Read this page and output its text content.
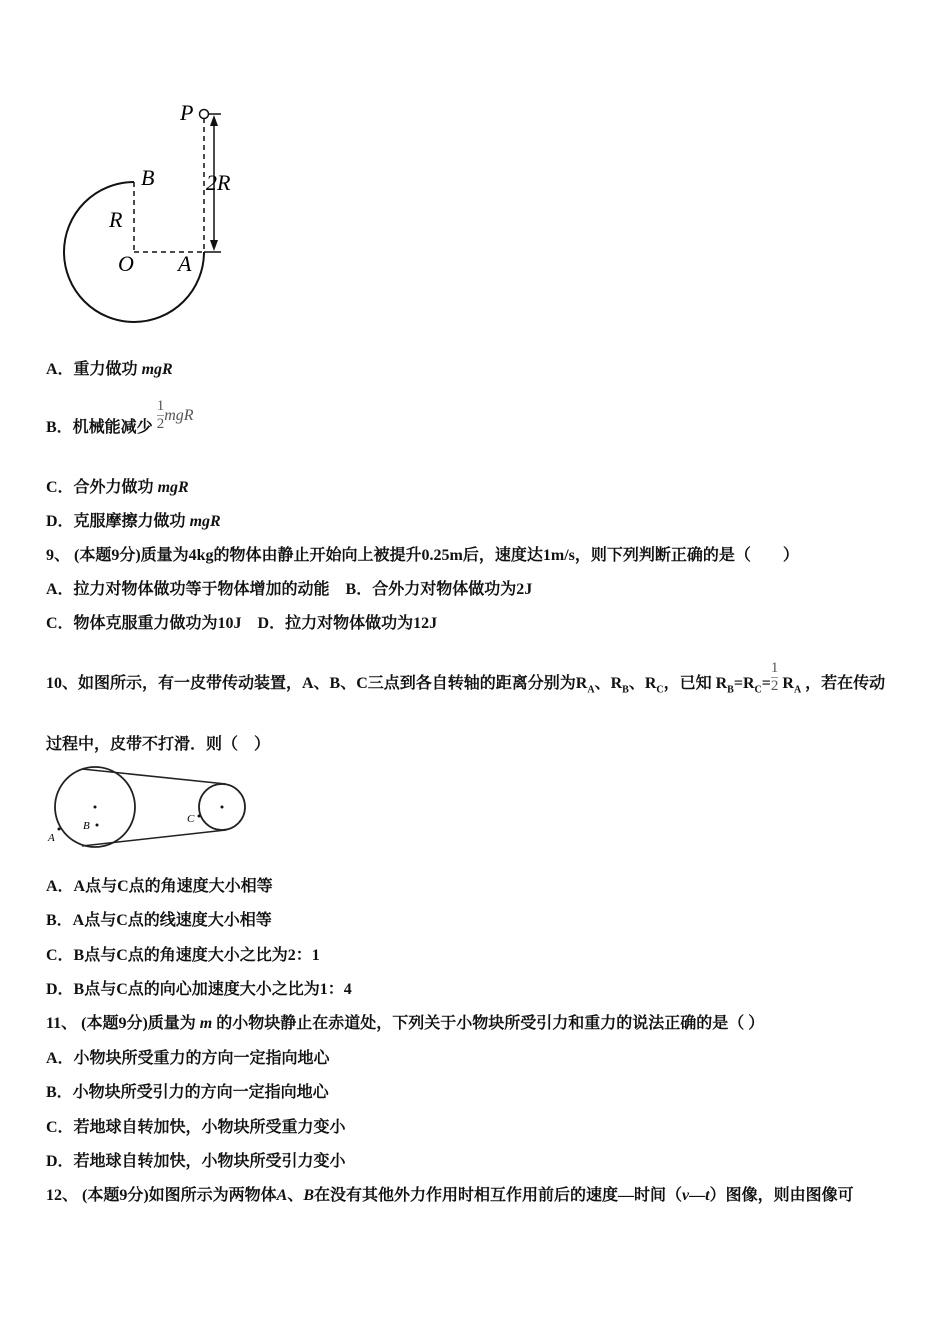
P
B 2R
R
O A
A．重力做功 mgR
B．机械能减少 $\frac{1}{2}$ mgR
C．合外力做功 mgR
D．克服摩擦力做功 mgR
9、 (本题9分)质量为4kg的物体由静止开始向上被提升0.25m后，速度达1m/s，则下列判断正确的是（　　）
A．拉力对物体做功等于物体增加的动能　B．合外力对物体做功为2J
C．物体克服重力做功为10J　D．拉力对物体做功为12J
10、如图所示，有一皮带传动装置，A、B、C三点到各自转轴的距离分别为$R_A$、$R_B$、$R_C$，已知 $R_B=R_C= \frac{1}{2} R_A$ ，若在传动
过程中，皮带不打滑．则（　）
A
B
C
A．A点与C点的角速度大小相等
B．A点与C点的线速度大小相等
C．B点与C点的角速度大小之比为2：1
D．B点与C点的向心加速度大小之比为1：4
11、 (本题9分)质量为 m 的小物块静止在赤道处，下列关于小物块所受引力和重力的说法正确的是（ ）
A．小物块所受重力的方向一定指向地心
B．小物块所受引力的方向一定指向地心
C．若地球自转加快，小物块所受重力变小
D．若地球自转加快，小物块所受引力变小
12、 (本题9分)如图所示为两物体A、B在没有其他外力作用时相互作用前后的速度—时间（v—t）图像，则由图像可
